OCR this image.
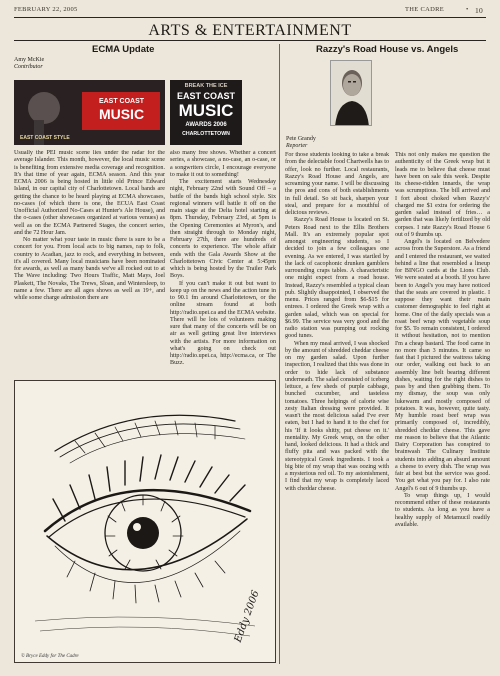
FEBRUARY 22, 2005	THE CADRE	• 10
ARTS & ENTERTAINMENT
ECMA Update
Amy McKie
Contributor
EAST COAST
MUSIC
EAST COAST STYLE
BREAK THE ICE
EAST COAST
MUSIC
AWARDS 2006
CHARLOTTETOWN

Usually the PEI music scene lies under the radar for the average Islander. This month, however, the local music scene is benefiting from extensive media coverage and recognition. It's that time of year again, ECMA season. And this year ECMA 2006 is being hosted in little old Prince Edward Island, in our capital city of Charlottetown. Local bands are getting the chance to be heard playing at ECMA showcases, no-cases (of which there is one, the ECUA East Coast Unofficial Authorized No-Cases at Hunter's Ale House), and the o-cases (other showcases organized at various venues) as well as on the ECMA Partnered Stages, the concert series, and the 72 Hour Jam.

No matter what your taste in music there is sure to be a concert for you. From local acts to big names, rap to folk, country to Acadian, jazz to rock, and everything in between, it's all covered. Many local musicians have been nominated for awards, as well as many bands we've all rocked out to at The Wave including: Two Hours Traffic, Matt Mays, Joel Plaskett, The Novaks, The Trews, Sloan, and Wintersleep, to name a few. There are all ages shows as well as 19+, and while some charge admission there are

also many free shows. Whether a concert series, a showcase, a no-case, an o-case, or a songwriters circle, I encourage everyone to make it out to something!

The excitement starts Wednesday night, February 22nd with Sound Off – a battle of the bands high school style. Six regional winners will battle it off on the main stage at the Delta hotel starting at 8pm. Thursday, February 23rd, at 5pm is the Opening Ceremonies at Myron's, and then straight through to Monday night, February 27th, there are hundreds of concerts to experience. The whole affair ends with the Gala Awards Show at the Charlottetown Civic Center at 5:45pm which is being hosted by the Trailer Park Boys.

If you can't make it out but want to keep up on the news and the action tune in to 90.1 fm around Charlottetown, or the online stream found at both http://radio.upei.ca and the ECMA website. There will be lots of volunteers making sure that many of the concerts will be on air as well getting great live interviews with the artists. For more information on what's going on check out http://radio.upei.ca, http://ecma.ca, or The Buzz.

Eddy 2006
© Bryce Eddy for The Cadre
Razzy's Road House vs. Angels
Pete Grandy
Reporter

For those students looking to take a break from the delectable food Chartwells has to offer, look no further. Local restaurants, Razzy's Road House and Angels, are screaming your name. I will be discussing the pros and cons of both establishments in full detail. So sit back, sharpen your steal, and prepare for a mouthful of delicious reviews.

Razzy's Road House is located on St. Peters Road next to the Ellis Brothers Mall. It's an extremely popular spot amongst engineering students, so I decided to join a few colleagues one evening. As we entered, I was startled by the lack of cacophonic drunken gamblers surrounding craps tables. A characteristic one might expect from a road house. Instead, Razzy's resembled a typical clean pub. Slightly disappointed, I observed the menu. Prices ranged from $6-$15 for entrees. I ordered the Greek wrap with a garden salad, which was on special for $6.99. The service was very good and the radio station was pumping out rocking good tunes.

When my meal arrived, I was shocked by the amount of shredded cheddar cheese on my garden salad. Upon further inspection, I realized that this was done in order to hide lack of substance underneath. The salad consisted of iceberg lettuce, a few sheds of purple cabbage, bunched cucumber, and tasteless tomatoes. Three helpings of calorie wise zesty Italian dressing were provided. It wasn't the most delicious salad I've ever eaten, but I had to hand it to the chef for his 'If it looks shitty, put cheese on it.' mentality. My Greek wrap, on the other hand, looked delicious. It had a thick and fluffy pita and was packed with the stereotypical Greek ingredients. I took a big bite of my wrap that was oozing with a mysterious red oil. To my astonishment, I find that my wrap is completely laced with cheddar cheese.

This not only makes me question the authenticity of the Greek wrap but it leads me to believe that cheese must have been on sale this week. Despite its cheese-ridden innards, the wrap was scrumptious. The bill arrived and I fort about choked when Razzy's' charged me $1 extra for ordering the garden salad instead of fries… a garden that was likely fertilized by old corpses. I rate Razzy's Road House 6 out of 9 thumbs up.

Angel's is located on Belvedere across from the Superstore. As a friend and I entered the restaurant, we waited behind a line that resembled a lineup for BINGO cards at the Lions Club. We were seated at a booth. If you have been to Angel's you may have noticed that the seats are covered in plastic. I suppose they want their main customer demographic to feel right at home. One of the daily specials was a roast beef wrap with vegetable soup for $5. To remain consistent, I ordered it without hesitation, not to mention I'm a cheap bastard. The food came in no more than 3 minutes. It came so fast that I pictured the waitress taking our order, walking out back to an assembly line belt bearing different dishes, waiting for the right dishes to pass by and then grabbing them. To my dismay, the soup was only lukewarm and mostly composed of potatoes. It was, however, quite tasty. My humble roast beef wrap was primarily composed of, incredibly, shredded cheddar cheese. This gave me reason to believe that the Atlantic Dairy Corporation has conspired to brainwash The Culinary Institute students into adding an absurd amount a cheese to every dish. The wrap was fair at best but the service was good. You get what you pay for. I also rate Angel's 6 out of 9 thumbs up.

To wrap things up, I would recommend either of these restaurants to students. As long as you have a healthy supply of Metamucil readily available.
